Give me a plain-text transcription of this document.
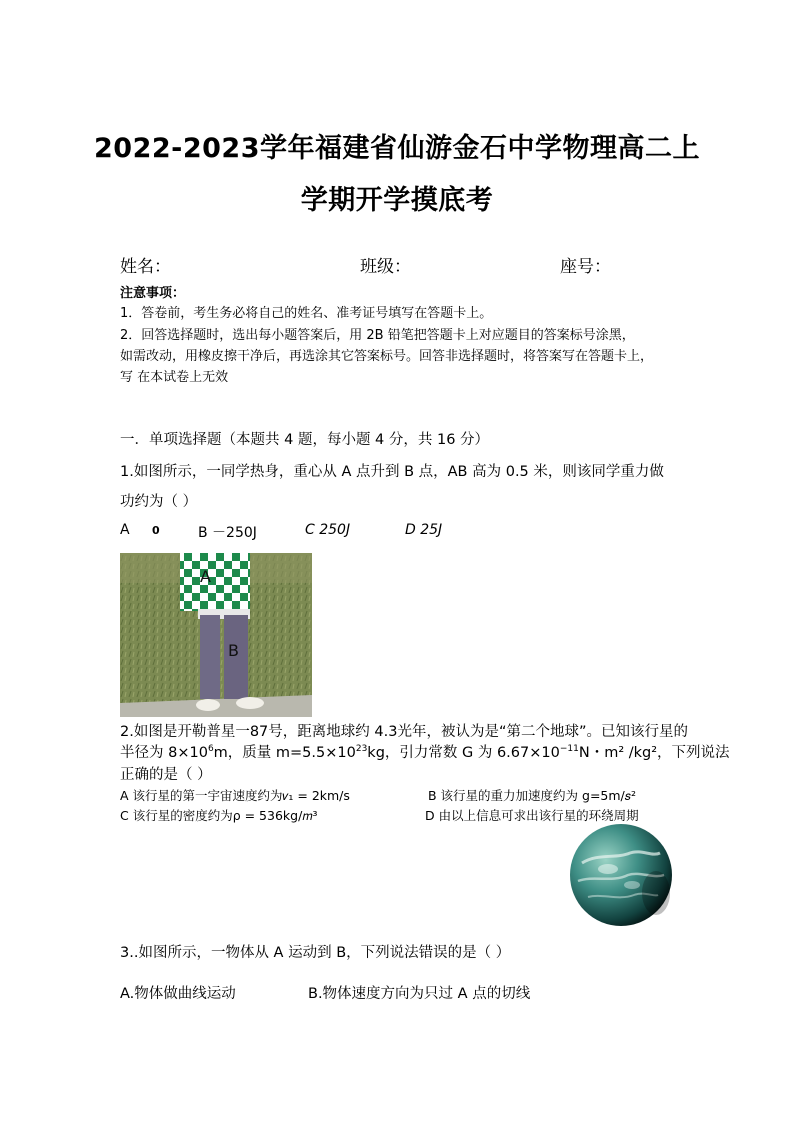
2022-2023学年福建省仙游金石中学物理高二上
学期开学摸底考
姓名：	班级：	座号：
注意事项：
1．答卷前，考生务必将自己的姓名、准考证号填写在答题卡上。
2．回答选择题时，选出每小题答案后，用 2B 铅笔把答题卡上对应题目的答案标号涂黑，
如需改动，用橡皮擦干净后，再选涂其它答案标号。回答非选择题时，将答案写在答题卡上，
写 在本试卷上无效
一．单项选择题（本题共 4 题，每小题 4 分，共 16 分）
1.如图所示，一同学热身，重心从 A 点升到 B 点，AB 高为 0.5 米，则该同学重力做
功约为（ ）
A 0	B －250J	C 250J	D 25J
A
B
2.如图是开勒普星一87号，距离地球约 4.3光年，被认为是“第二个地球”。已知该行星的
半径为 $8\times 10^6m$，质量 $m=5.5\times 10^{23}kg$，引力常数 G 为 $6.67\times 10^{-11}N$・m² /kg²，下列说法
正确的是（ ）
A 该行星的第一宇宙速度约为𝑣₁ = 2km/s	B 该行星的重力加速度约为 g=5m/𝑠²
C 该行星的密度约为ρ = 536kg/𝑚³	D 由以上信息可求出该行星的环绕周期
3..如图所示，一物体从 A 运动到 B，下列说法错误的是（ ）
A.物体做曲线运动	B.物体速度方向为只过 A 点的切线
